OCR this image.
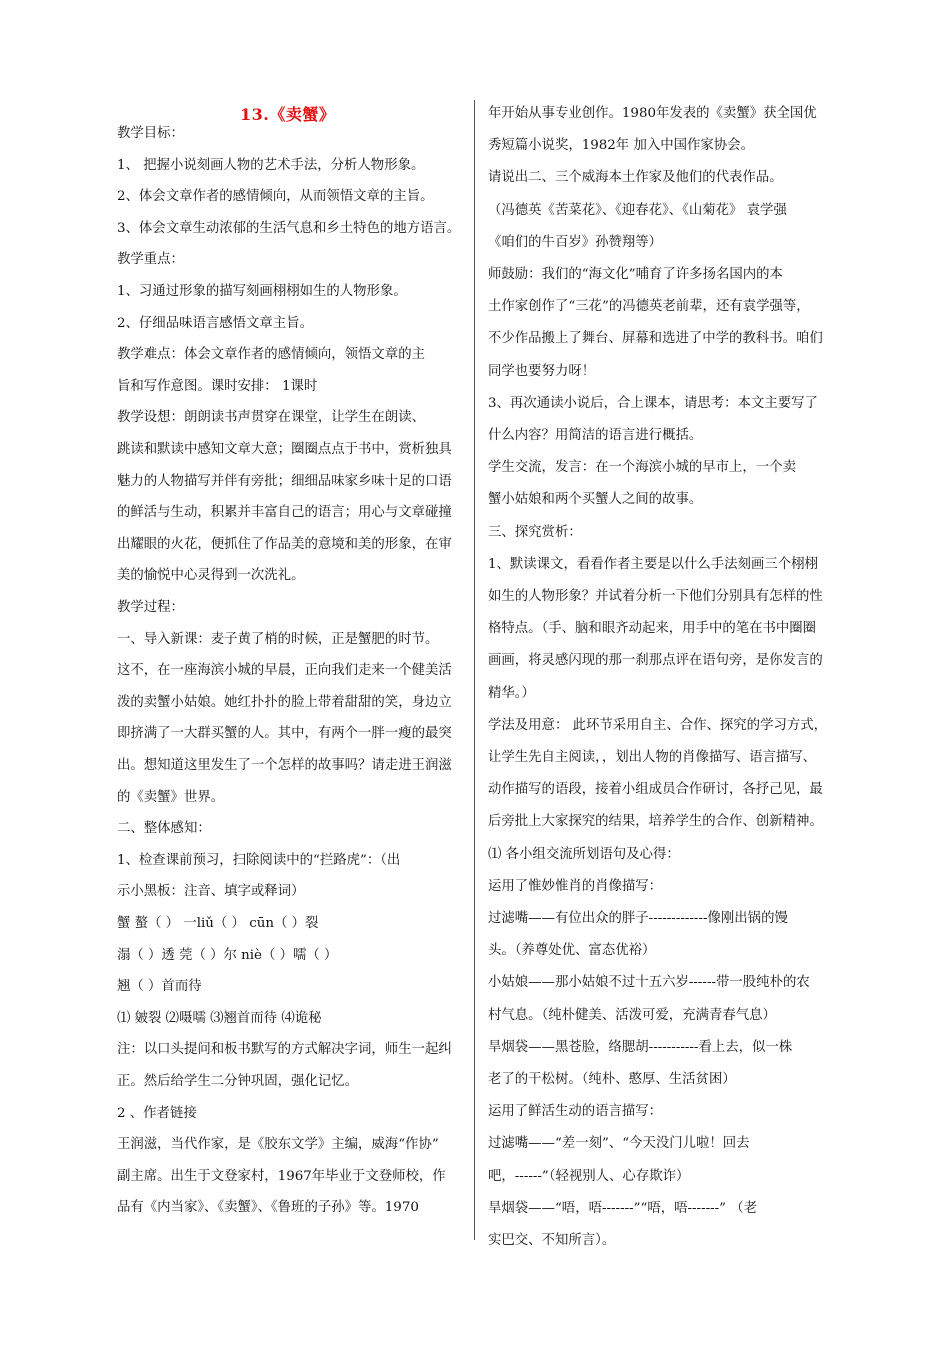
13.《卖蟹》
教学目标：
1、 把握小说刻画人物的艺术手法，分析人物形象。
2、体会文章作者的感情倾向，从而领悟文章的主旨。
3、体会文章生动浓郁的生活气息和乡土特色的地方语言。
教学重点：
1、习通过形象的描写刻画栩栩如生的人物形象。
2、仔细品味语言感悟文章主旨。
教学难点：体会文章作者的感情倾向，领悟文章的主
旨和写作意图。课时安排： 1课时
教学设想：朗朗读书声贯穿在课堂，让学生在朗读、
跳读和默读中感知文章大意；圈圈点点于书中，赏析独具
魅力的人物描写并伴有旁批；细细品味家乡味十足的口语
的鲜活与生动，积累并丰富自己的语言；用心与文章碰撞
出耀眼的火花，便抓住了作品美的意境和美的形象，在审
美的愉悦中心灵得到一次洗礼。
教学过程：
一、导入新课：麦子黄了梢的时候，正是蟹肥的时节。
这不，在一座海滨小城的早晨，正向我们走来一个健美活
泼的卖蟹小姑娘。她红扑扑的脸上带着甜甜的笑，身边立
即挤满了一大群买蟹的人。其中，有两个一胖一瘦的最突
出。想知道这里发生了一个怎样的故事吗？请走进王润滋
的《卖蟹》世界。
二、整体感知：
1、检查课前预习，扫除阅读中的“拦路虎”：（出
示小黑板：注音、填字或释词）
蟹 螯（ ） 一liǔ（ ） cūn（ ）裂
溻（ ）透 莞（ ）尔 niè（ ）嚅（ ）
翘（ ）首而待
⑴ 皴裂 ⑵嗫嚅 ⑶翘首而待 ⑷诡秘
注：以口头提问和板书默写的方式解决字词，师生一起纠
正。然后给学生二分钟巩固，强化记忆。
2 、作者链接
王润滋，当代作家，是《胶东文学》主编，威海“作协”
副主席。出生于文登家村，1967年毕业于文登师校，作
品有《内当家》、《卖蟹》、《鲁班的子孙》等。1970
年开始从事专业创作。1980年发表的《卖蟹》获全国优
秀短篇小说奖，1982年 加入中国作家协会。
请说出二、三个威海本土作家及他们的代表作品。
（冯德英《苦菜花》、《迎春花》、《山菊花》 袁学强
《咱们的牛百岁》孙赞翔等）
师鼓励：我们的“海文化”哺育了许多扬名国内的本
土作家创作了“三花”的冯德英老前辈，还有袁学强等，
不少作品搬上了舞台、屏幕和选进了中学的教科书。咱们
同学也要努力呀！
3、再次通读小说后，合上课本，请思考：本文主要写了
什么内容？用简洁的语言进行概括。
学生交流，发言：在一个海滨小城的早市上，一个卖
蟹小姑娘和两个买蟹人之间的故事。
三、探究赏析：
1、默读课文，看看作者主要是以什么手法刻画三个栩栩
如生的人物形象？并试着分析一下他们分别具有怎样的性
格特点。（手、脑和眼齐动起来，用手中的笔在书中圈圈
画画，将灵感闪现的那一刹那点评在语句旁，是你发言的
精华。）
学法及用意： 此环节采用自主、合作、探究的学习方式，
让学生先自主阅读，，划出人物的肖像描写、语言描写、
动作描写的语段，接着小组成员合作研讨，各抒己见，最
后旁批上大家探究的结果，培养学生的合作、创新精神。
⑴ 各小组交流所划语句及心得：
运用了惟妙惟肖的肖像描写：
过滤嘴——有位出众的胖子-------------像刚出锅的馒
头。（养尊处优、富态优裕）
小姑娘——那小姑娘不过十五六岁------带一股纯朴的农
村气息。（纯朴健美、活泼可爱，充满青春气息）
旱烟袋——黑苍脸，络腮胡-----------看上去，似一株
老了的干松树。（纯朴、憨厚、生活贫困）
运用了鲜活生动的语言描写：
过滤嘴——“差一刻”、“今天没门儿啦！回去
吧，------”（轻视别人、心存欺诈）
旱烟袋——“唔，唔-------”“唔，唔-------” （老
实巴交、不知所言）。
